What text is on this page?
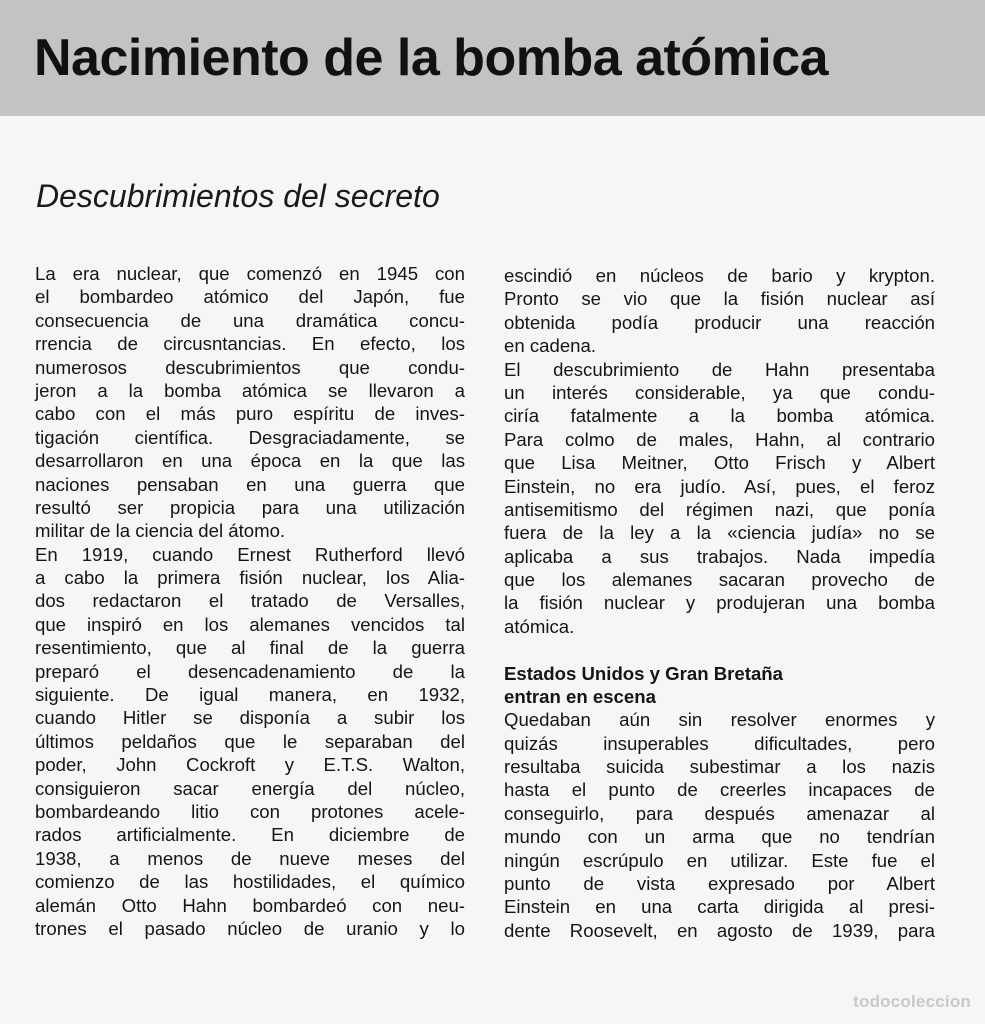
Nacimiento de la bomba atómica
Descubrimientos del secreto
La era nuclear, que comenzó en 1945 con
el bombardeo atómico del Japón, fue
consecuencia de una dramática concu-
rrencia de circusntancias. En efecto, los
numerosos descubrimientos que condu-
jeron a la bomba atómica se llevaron a
cabo con el más puro espíritu de inves-
tigación científica. Desgraciadamente, se
desarrollaron en una época en la que las
naciones pensaban en una guerra que
resultó ser propicia para una utilización
militar de la ciencia del átomo.
En 1919, cuando Ernest Rutherford llevó
a cabo la primera fisión nuclear, los Alia-
dos redactaron el tratado de Versalles,
que inspiró en los alemanes vencidos tal
resentimiento, que al final de la guerra
preparó el desencadenamiento de la
siguiente. De igual manera, en 1932,
cuando Hitler se disponía a subir los
últimos peldaños que le separaban del
poder, John Cockroft y E.T.S. Walton,
consiguieron sacar energía del núcleo,
bombardeando litio con protones acele-
rados artificialmente. En diciembre de
1938, a menos de nueve meses del
comienzo de las hostilidades, el químico
alemán Otto Hahn bombardeó con neu-
trones el pasado núcleo de uranio y lo
escindió en núcleos de bario y krypton.
Pronto se vio que la fisión nuclear así
obtenida podía producir una reacción
en cadena.
El descubrimiento de Hahn presentaba
un interés considerable, ya que condu-
ciría fatalmente a la bomba atómica.
Para colmo de males, Hahn, al contrario
que Lisa Meitner, Otto Frisch y Albert
Einstein, no era judío. Así, pues, el feroz
antisemitismo del régimen nazi, que ponía
fuera de la ley a la «ciencia judía» no se
aplicaba a sus trabajos. Nada impedía
que los alemanes sacaran provecho de
la fisión nuclear y produjeran una bomba
atómica.
Estados Unidos y Gran Bretaña
entran en escena
Quedaban aún sin resolver enormes y
quizás insuperables dificultades, pero
resultaba suicida subestimar a los nazis
hasta el punto de creerles incapaces de
conseguirlo, para después amenazar al
mundo con un arma que no tendrían
ningún escrúpulo en utilizar. Este fue el
punto de vista expresado por Albert
Einstein en una carta dirigida al presi-
dente Roosevelt, en agosto de 1939, para
todocoleccion
